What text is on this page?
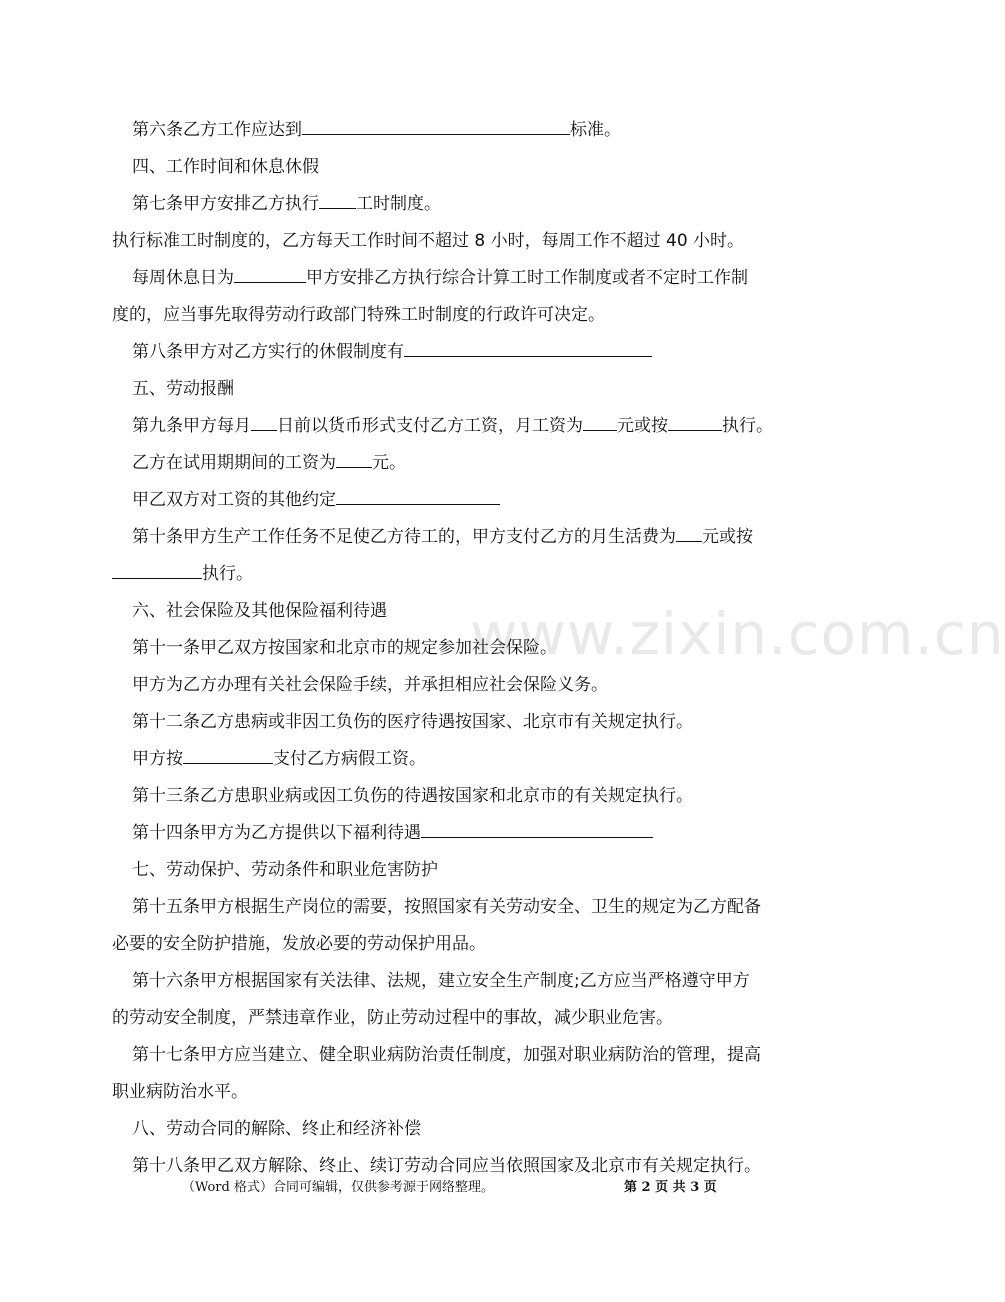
www.zixin.com.cn
第六条乙方工作应达到	标准。
四、工作时间和休息休假
第七条甲方安排乙方执行 工时制度。
执行标准工时制度的，乙方每天工作时间不超过 8 小时，每周工作不超过 40 小时。
每周休息日为	甲方安排乙方执行综合计算工时工作制度或者不定时工作制
度的，应当事先取得劳动行政部门特殊工时制度的行政许可决定。
第八条甲方对乙方实行的休假制度有
五、劳动报酬
第九条甲方每月 日前以货币形式支付乙方工资，月工资为 元或按	执行。
乙方在试用期期间的工资为 元。
甲乙双方对工资的其他约定
第十条甲方生产工作任务不足使乙方待工的，甲方支付乙方的月生活费为 元或按
执行。
六、社会保险及其他保险福利待遇
第十一条甲乙双方按国家和北京市的规定参加社会保险。
甲方为乙方办理有关社会保险手续，并承担相应社会保险义务。
第十二条乙方患病或非因工负伤的医疗待遇按国家、北京市有关规定执行。
甲方按	支付乙方病假工资。
第十三条乙方患职业病或因工负伤的待遇按国家和北京市的有关规定执行。
第十四条甲方为乙方提供以下福利待遇
七、劳动保护、劳动条件和职业危害防护
第十五条甲方根据生产岗位的需要，按照国家有关劳动安全、卫生的规定为乙方配备
必要的安全防护措施，发放必要的劳动保护用品。
第十六条甲方根据国家有关法律、法规，建立安全生产制度;乙方应当严格遵守甲方
的劳动安全制度，严禁违章作业，防止劳动过程中的事故，减少职业危害。
第十七条甲方应当建立、健全职业病防治责任制度，加强对职业病防治的管理，提高
职业病防治水平。
八、劳动合同的解除、终止和经济补偿
第十八条甲乙双方解除、终止、续订劳动合同应当依照国家及北京市有关规定执行。
（Word 格式）合同可编辑，仅供参考源于网络整理。	第 2 页 共 3 页
